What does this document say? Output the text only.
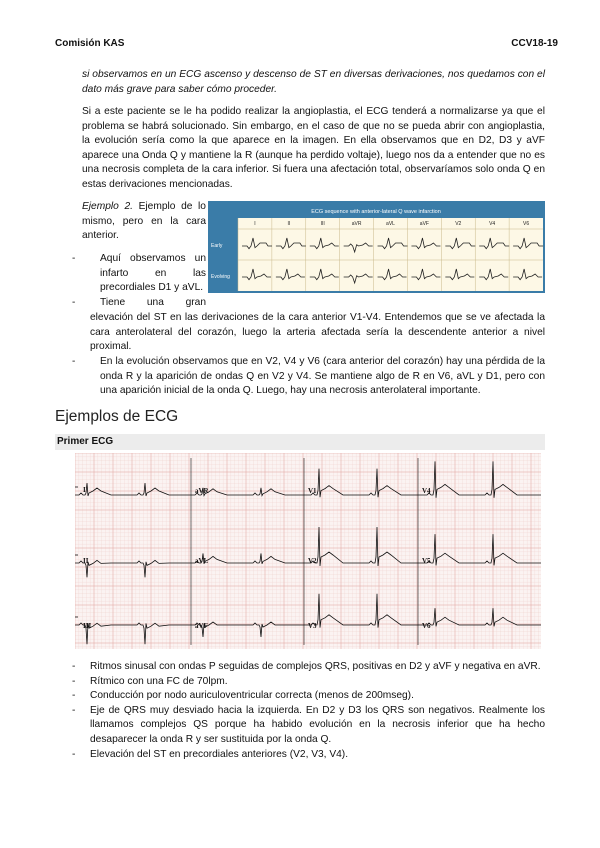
Comisión KAS	CCV18-19

si observamos en un ECG ascenso y descenso de ST en diversas derivaciones, nos quedamos con el dato más grave para saber cómo proceder.

Si a este paciente se le ha podido realizar la angioplastia, el ECG tenderá a normalizarse ya que el problema se habrá solucionado. Sin embargo, en el caso de que no se pueda abrir con angioplastia, la evolución sería como la que aparece en la imagen. En ella observamos que en D2, D3 y aVF aparece una Onda Q y mantiene la R (aunque ha perdido voltaje), luego nos da a entender que no es una necrosis completa de la cara inferior. Si fuera una afectación total, observaríamos solo onda Q en estas derivaciones mencionadas.

Ejemplo 2. Ejemplo de lo mismo, pero en la cara anterior.
-	Aquí observamos un infarto en las precordiales D1 y aVL.
-	Tiene una gran
elevación del ST en las derivaciones de la cara anterior V1-V4. Entendemos que se ve afectada la cara anterolateral del corazón, luego la arteria afectada sería la descendente anterior a nivel proximal.
-	En la evolución observamos que en V2, V4 y V6 (cara anterior del corazón) hay una pérdida de la onda R y la aparición de ondas Q en V2 y V4. Se mantiene algo de R en V6, aVL y D1, pero con una aparición inicial de la onda Q. Luego, hay una necrosis anterolateral importante.
ECG sequence with anterior-lateral Q wave infarction
I	II	III	aVR	aVL	aVF	V2	V4	V6
Early
Evolving
Ejemplos de ECG
Primer ECG
I	aVR	V1	V4
II	aVL	V2	V5
III	aVF	V3	V6
- Ritmos sinusal con ondas P seguidas de complejos QRS, positivas en D2 y aVF y negativa en aVR.
- Rítmico con una FC de 70lpm.
- Conducción por nodo auriculoventricular correcta (menos de 200mseg).
- Eje de QRS muy desviado hacia la izquierda. En D2 y D3 los QRS son negativos. Realmente los llamamos complejos QS porque ha habido evolución en la necrosis inferior que ha hecho desaparecer la onda R y ser sustituida por la onda Q.
- Elevación del ST en precordiales anteriores (V2, V3, V4).
